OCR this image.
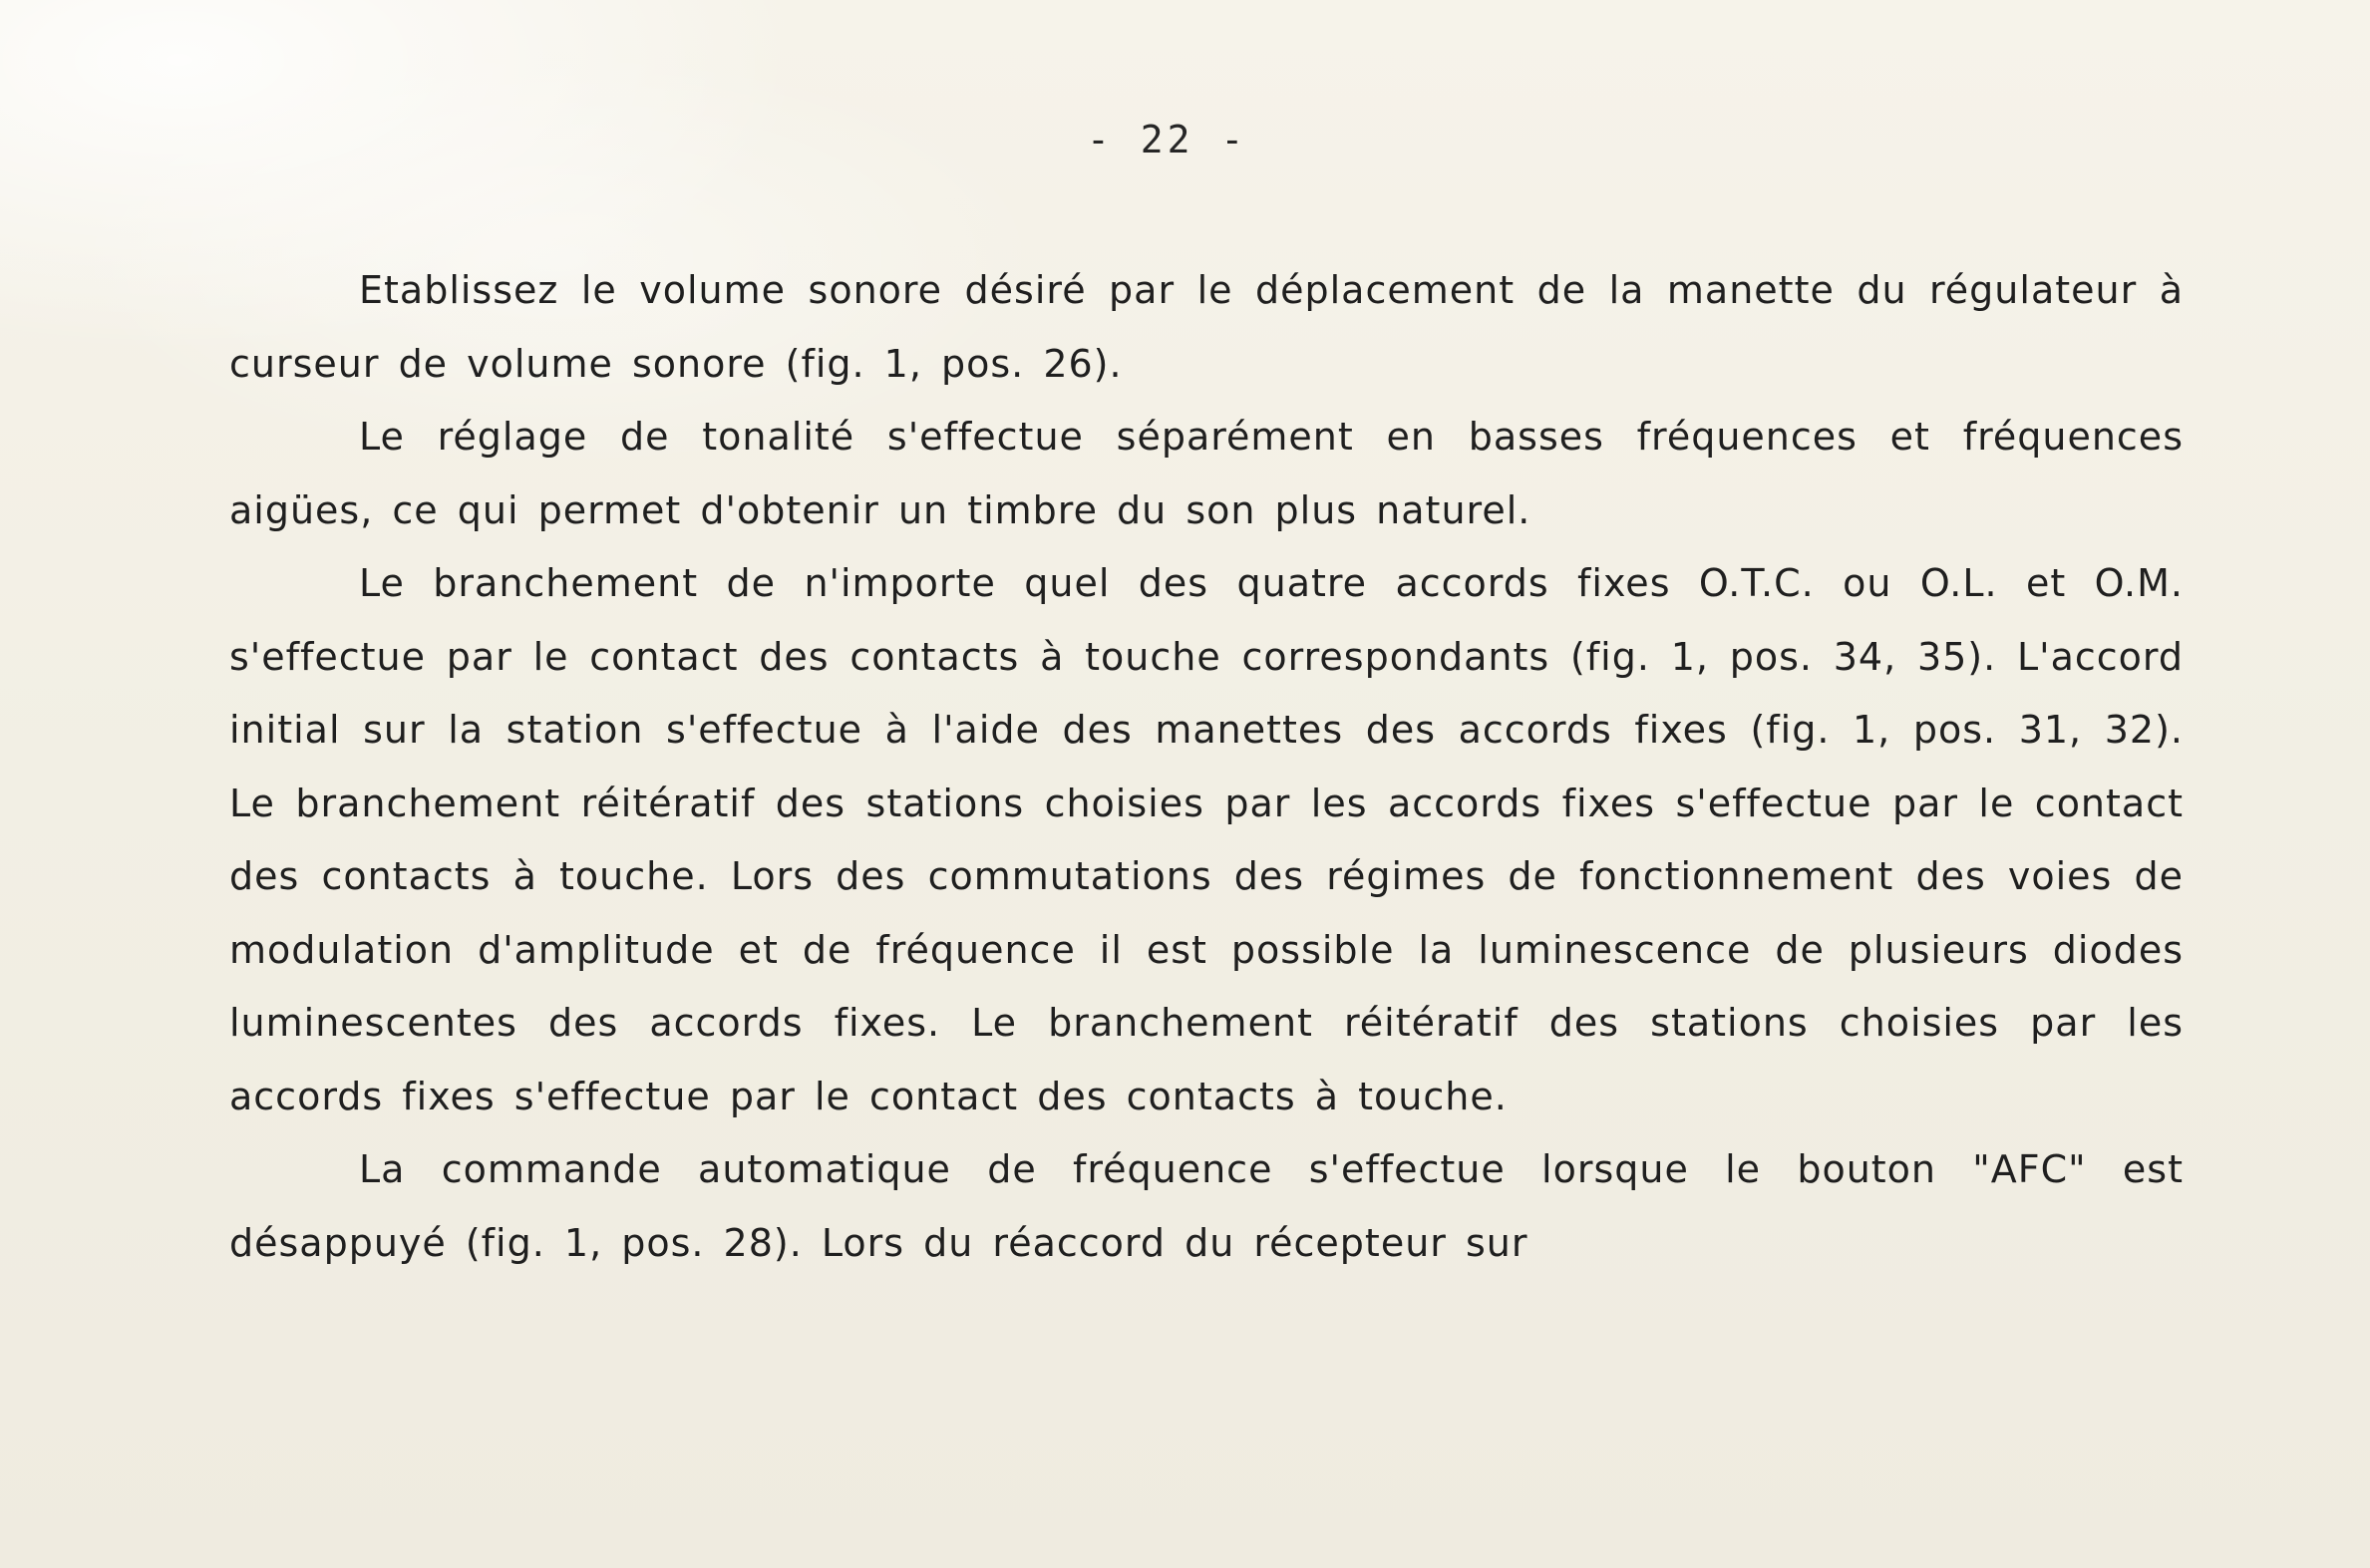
- 22 -

Etablissez le volume sonore désiré par le déplacement de la manette du régulateur à curseur de volume sonore (fig. 1, pos. 26).

Le réglage de tonalité s'effectue séparément en basses fréquences et fréquences aigües, ce qui permet d'obtenir un timbre du son plus naturel.

Le branchement de n'importe quel des quatre accords fixes O.T.C. ou O.L. et O.M. s'effectue par le contact des contacts à touche correspondants (fig. 1, pos. 34, 35). L'accord initial sur la station s'effectue à l'aide des manettes des accords fixes (fig. 1, pos. 31, 32). Le branchement réitératif des stations choisies par les accords fixes s'effectue par le contact des contacts à touche. Lors des commutations des régimes de fonctionnement des voies de modulation d'amplitude et de fréquence il est possible la luminescence de plusieurs diodes luminescentes des accords fixes. Le branchement réitératif des stations choisies par les accords fixes s'effectue par le contact des contacts à touche.

La commande automatique de fréquence s'effectue lorsque le bouton "AFC" est désappuyé (fig. 1, pos. 28). Lors du réaccord du récepteur sur
